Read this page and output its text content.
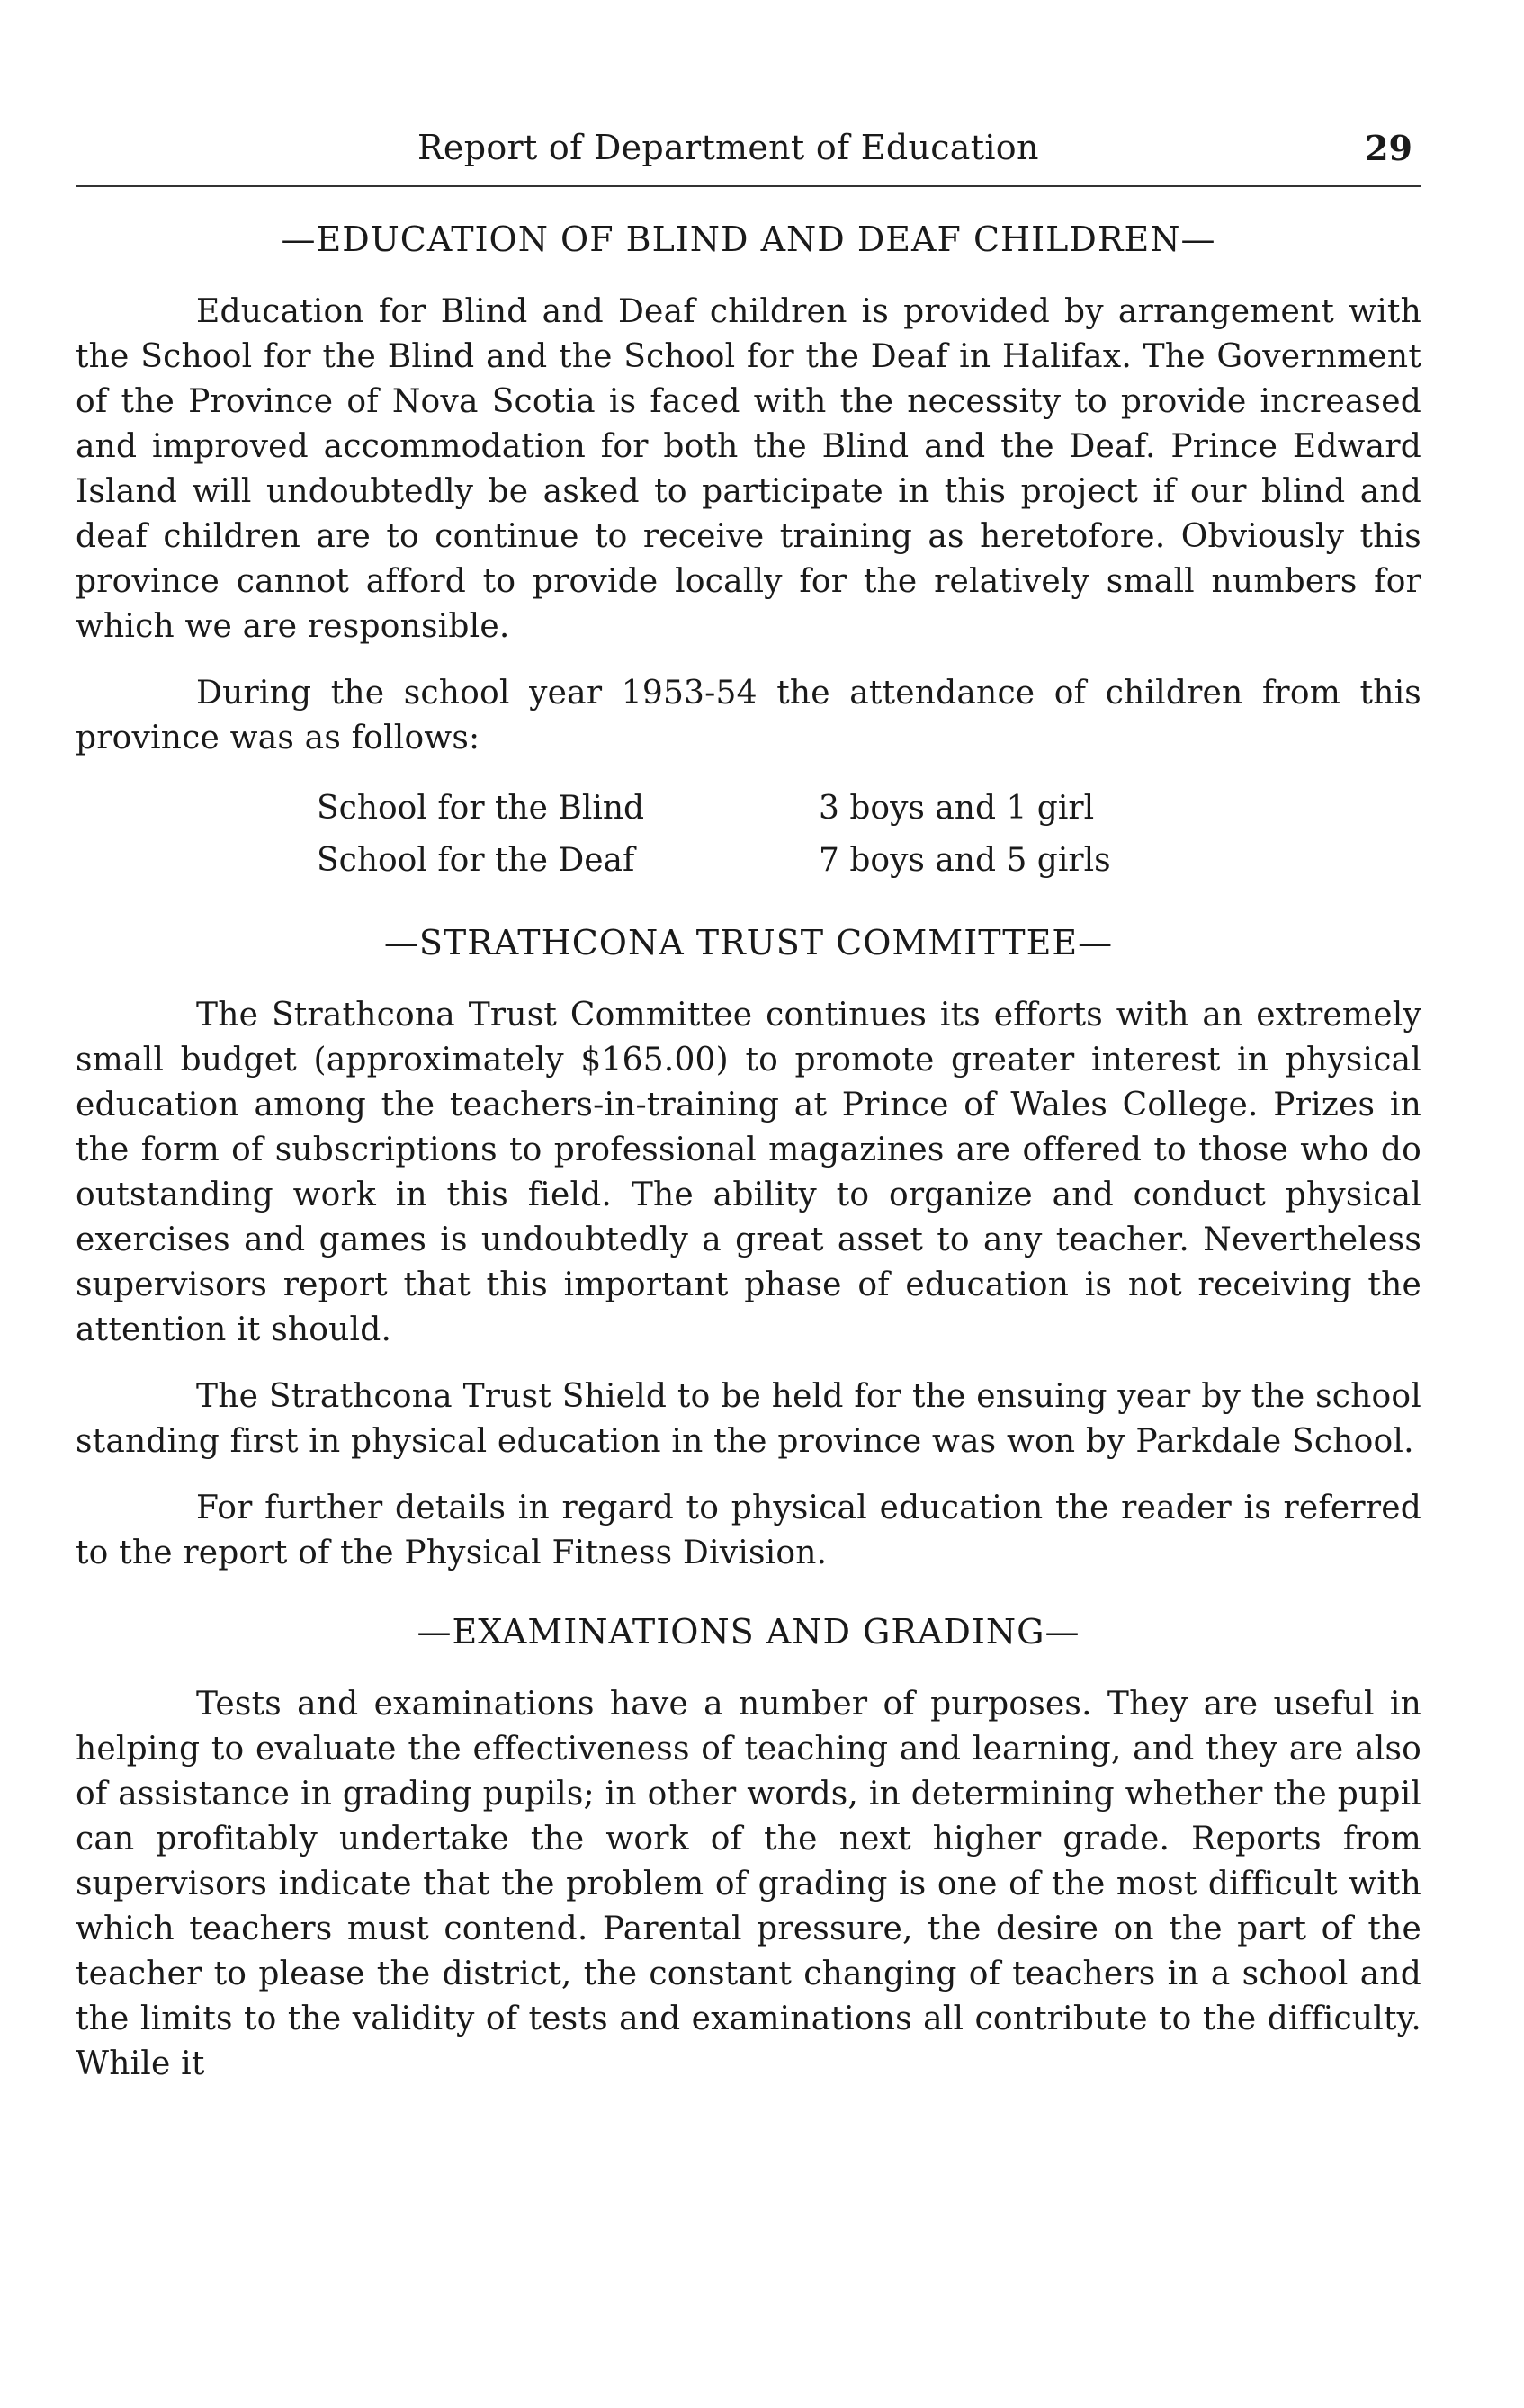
Report of Department of Education	29
—EDUCATION OF BLIND AND DEAF CHILDREN—

Education for Blind and Deaf children is provided by arrangement with the School for the Blind and the School for the Deaf in Halifax. The Government of the Province of Nova Scotia is faced with the necessity to provide increased and improved accommodation for both the Blind and the Deaf. Prince Edward Island will undoubtedly be asked to participate in this project if our blind and deaf children are to continue to receive training as heretofore. Obviously this province cannot afford to provide locally for the relatively small numbers for which we are responsible.

During the school year 1953-54 the attendance of children from this province was as follows:

School for the Blind	3 boys and 1 girl
School for the Deaf	7 boys and 5 girls
—STRATHCONA TRUST COMMITTEE—

The Strathcona Trust Committee continues its efforts with an extremely small budget (approximately $165.00) to promote greater interest in physical education among the teachers-in-training at Prince of Wales College. Prizes in the form of subscriptions to professional magazines are offered to those who do outstanding work in this field. The ability to organize and conduct physical exercises and games is undoubtedly a great asset to any teacher. Nevertheless supervisors report that this important phase of education is not receiving the attention it should.

The Strathcona Trust Shield to be held for the ensuing year by the school standing first in physical education in the province was won by Parkdale School.

For further details in regard to physical education the reader is referred to the report of the Physical Fitness Division.

—EXAMINATIONS AND GRADING—

Tests and examinations have a number of purposes. They are useful in helping to evaluate the effectiveness of teaching and learning, and they are also of assistance in grading pupils; in other words, in determining whether the pupil can profitably undertake the work of the next higher grade. Reports from supervisors indicate that the problem of grading is one of the most difficult with which teachers must contend. Parental pressure, the desire on the part of the teacher to please the district, the constant changing of teachers in a school and the limits to the validity of tests and examinations all contribute to the difficulty. While it
